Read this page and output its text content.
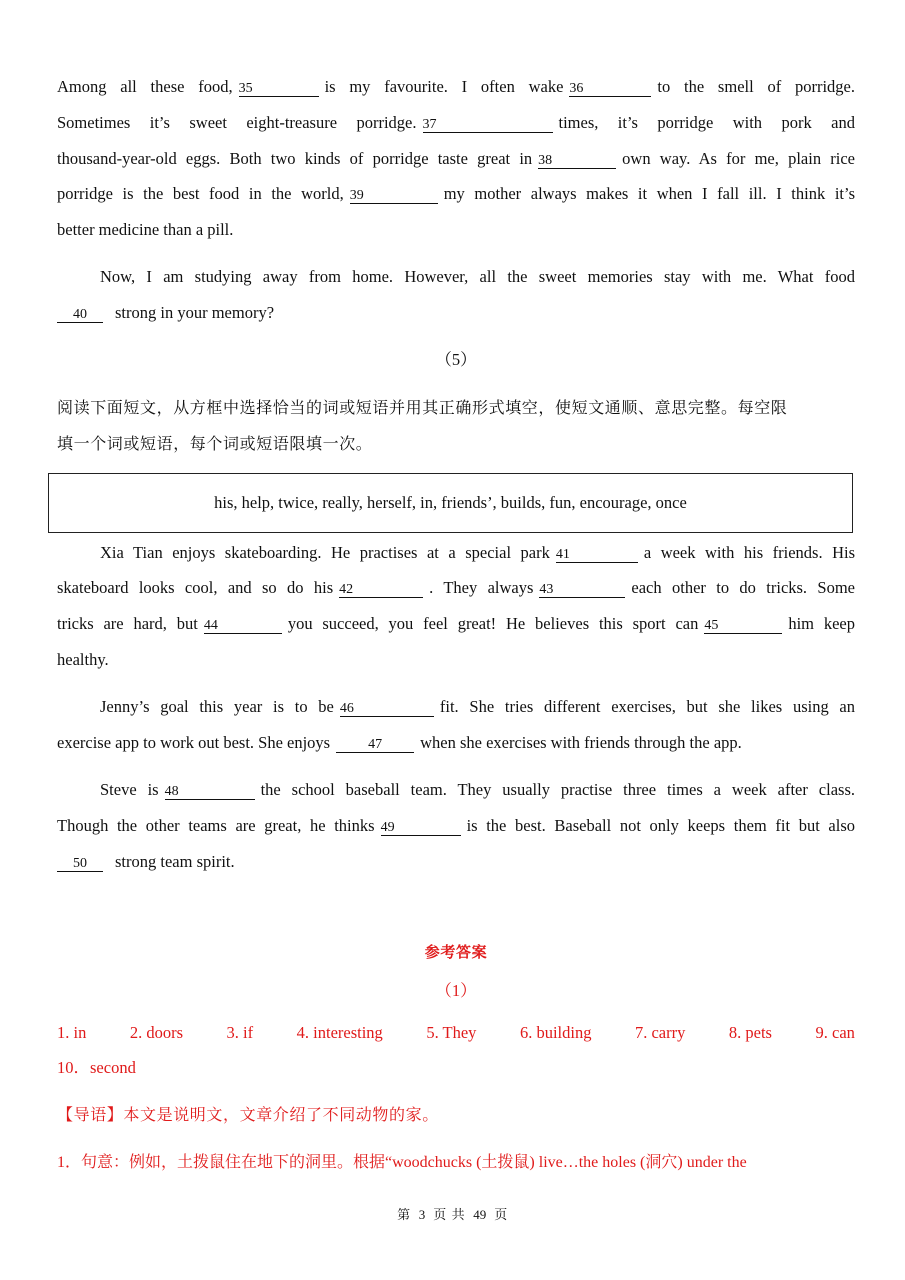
Among all these food, 35	is my favourite. I often wake 36	to the smell of porridge.
Sometimes it’s sweet eight-treasure porridge. 37	times, it’s porridge with pork and
thousand-year-old eggs. Both two kinds of porridge taste great in 38	own way. As for me, plain rice
porridge is the best food in the world, 39	my mother always makes it when I fall ill. I think it’s
better medicine than a pill.
Now, I am studying away from home. However, all the sweet memories stay with me. What food
40 strong in your memory?
（5）
阅读下面短文，从方框中选择恰当的词或短语并用其正确形式填空，使短文通顺、意思完整。每空限
填一个词或短语，每个词或短语限填一次。
his, help, twice, really, herself, in, friends’, builds, fun, encourage, once
Xia Tian enjoys skateboarding. He practises at a special park 41	a week with his friends. His
skateboard looks cool, and so do his 42	. They always 43	each other to do tricks. Some
tricks are hard, but 44	you succeed, you feel great! He believes this sport can 45	him keep
healthy.
Jenny’s goal this year is to be 46	fit. She tries different exercises, but she likes using an
exercise app to work out best. She enjoys	47 when she exercises with friends through the app.
Steve is 48	the school baseball team. They usually practise three times a week after class.
Though the other teams are great, he thinks 49	is the best. Baseball not only keeps them fit but also
50 strong team spirit.
参考答案
（1）
1. in	2. doors	3. if	4. interesting	5. They	6. building	7. carry	8. pets	9. can
10．second
【导语】本文是说明文，文章介绍了不同动物的家。
1．句意：例如，土拨鼠住在地下的洞里。根据“woodchucks (土拨鼠) live…the holes (洞穴) under the
第 3 页 共 49 页
